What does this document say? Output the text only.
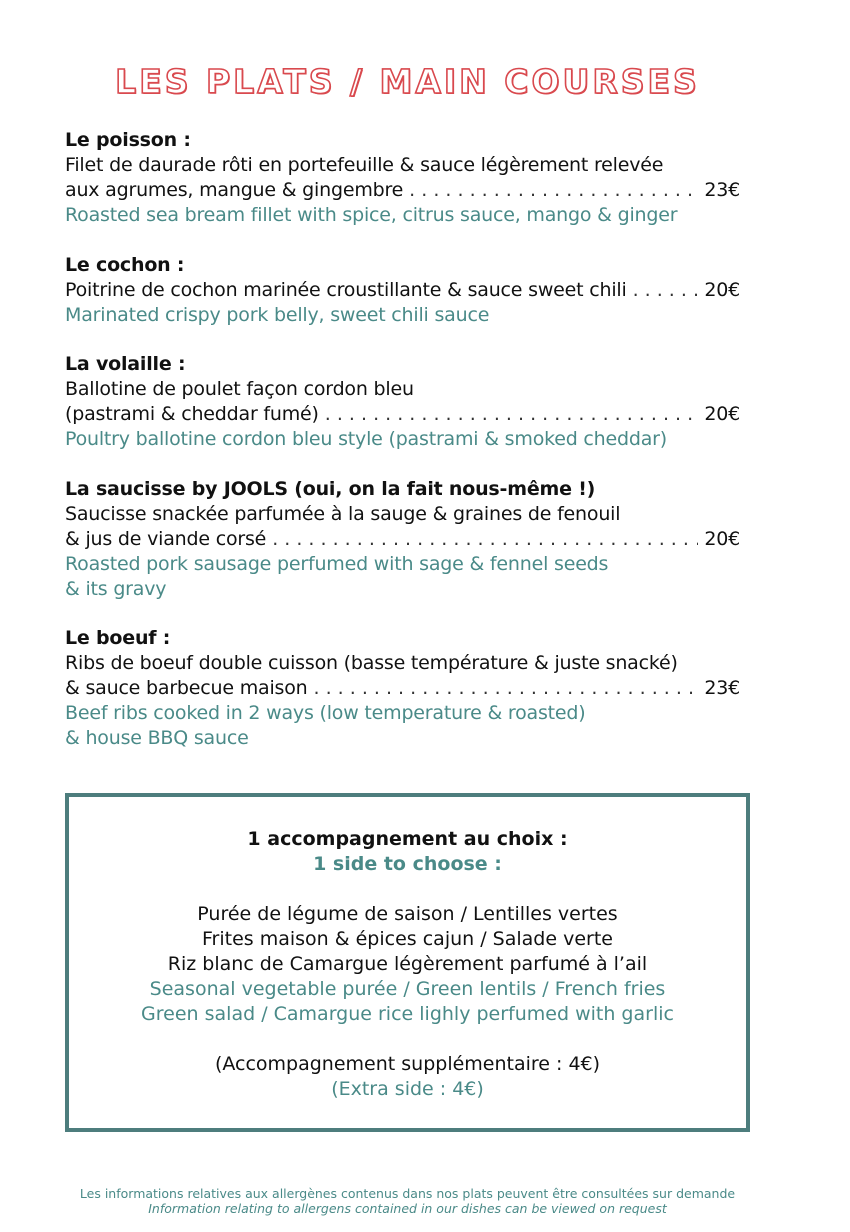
LES PLATS / MAIN COURSES
Le poisson :
Filet de daurade rôti en portefeuille & sauce légèrement relevée
aux agrumes, mangue & gingembre . . .	23€
Roasted sea bream fillet with spice, citrus sauce, mango & ginger
Le cochon :
Poitrine de cochon marinée croustillante & sauce sweet chili . . .	20€
Marinated crispy pork belly, sweet chili sauce
La volaille :
Ballotine de poulet façon cordon bleu
(pastrami & cheddar fumé) . . .	20€
Poultry ballotine cordon bleu style (pastrami & smoked cheddar)
La saucisse by JOOLS (oui, on la fait nous-même !)
Saucisse snackée parfumée à la sauge & graines de fenouil
& jus de viande corsé . . .	20€
Roasted pork sausage perfumed with sage & fennel seeds
& its gravy
Le boeuf :
Ribs de boeuf double cuisson (basse température & juste snacké)
& sauce barbecue maison . . .	23€
Beef ribs cooked in 2 ways (low temperature & roasted)
& house BBQ sauce
1 accompagnement au choix :
1 side to choose :
Purée de légume de saison / Lentilles vertes
Frites maison & épices cajun / Salade verte
Riz blanc de Camargue légèrement parfumé à l’ail
Seasonal vegetable purée / Green lentils / French fries
Green salad / Camargue rice lighly perfumed with garlic
(Accompagnement supplémentaire : 4€)
(Extra side : 4€)
Les informations relatives aux allergènes contenus dans nos plats peuvent être consultées sur demande
Information relating to allergens contained in our dishes can be viewed on request
